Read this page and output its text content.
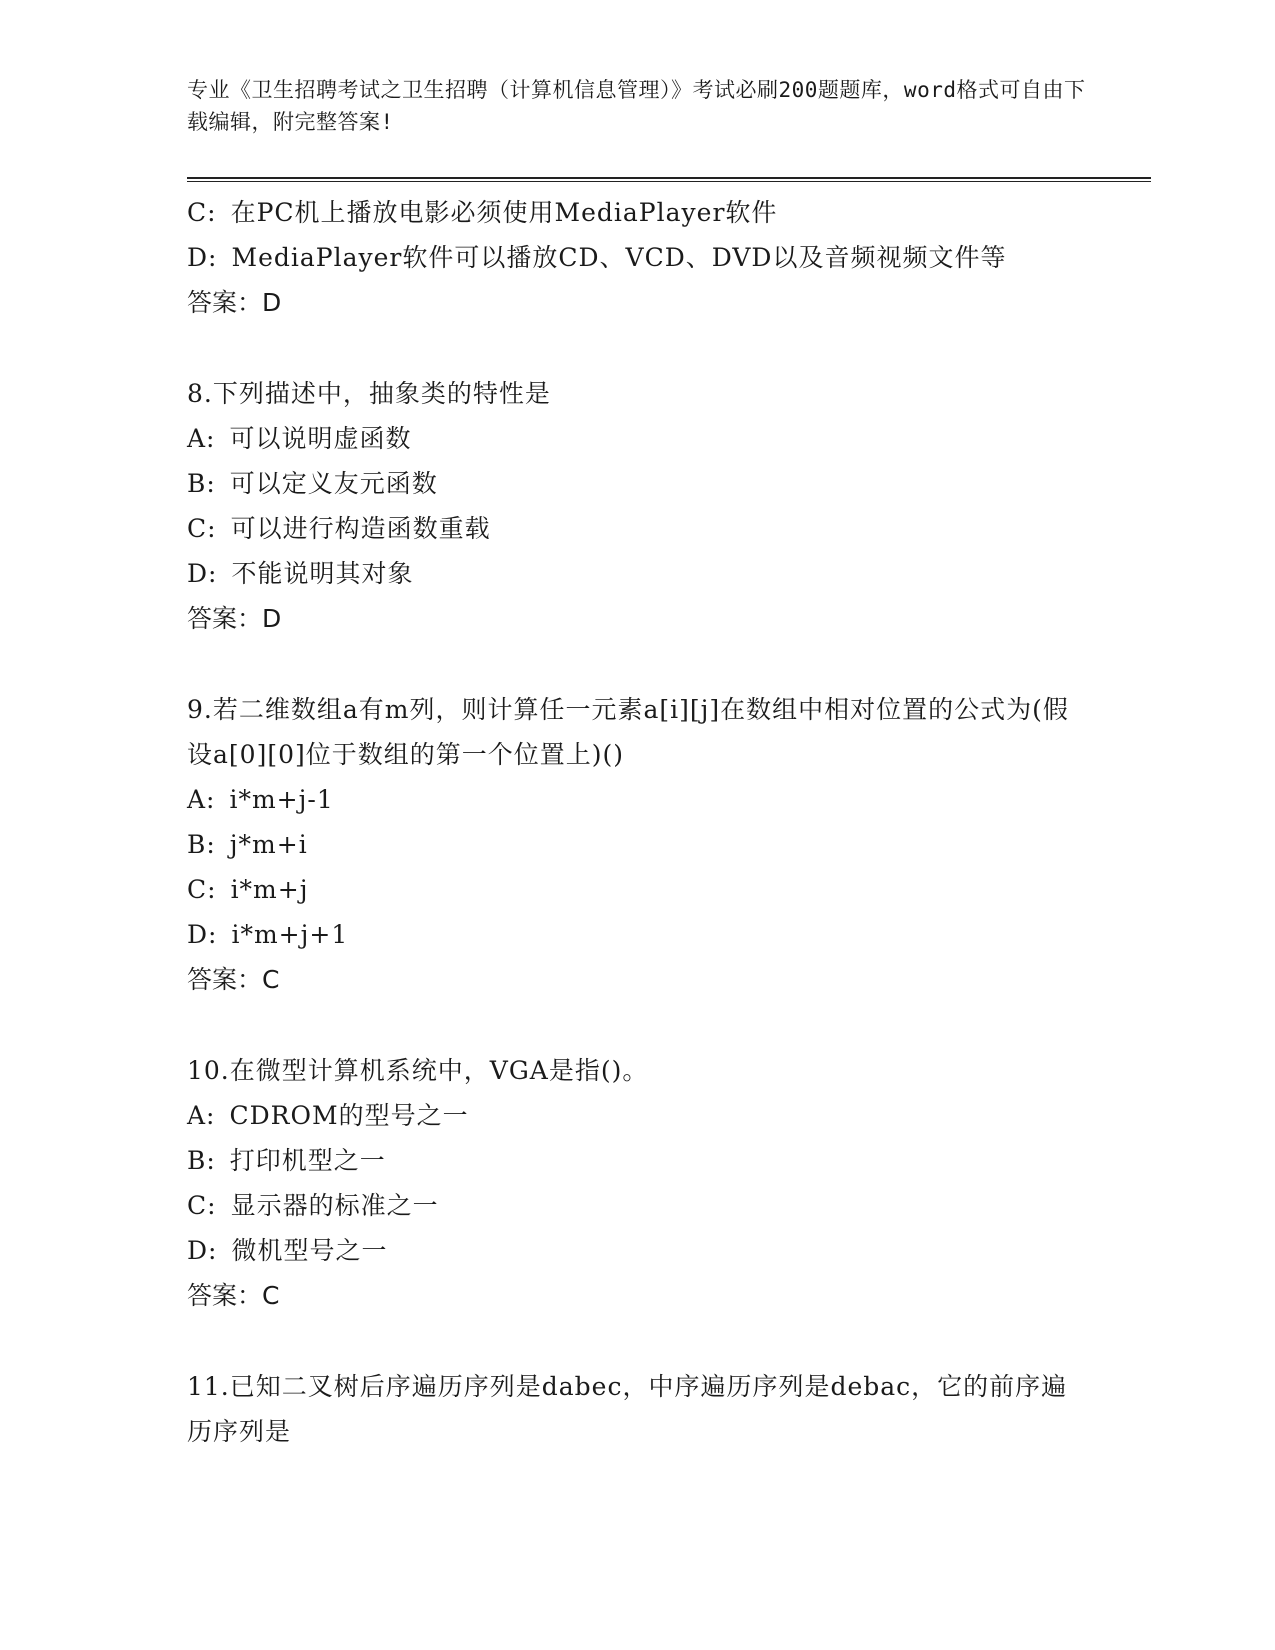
专业《卫生招聘考试之卫生招聘（计算机信息管理）》考试必刷200题题库，word格式可自由下载编辑，附完整答案!
C: 在PC机上播放电影必须使用MediaPlayer软件
D: MediaPlayer软件可以播放CD、VCD、DVD以及音频视频文件等
答案：D
8.下列描述中，抽象类的特性是
A: 可以说明虚函数
B: 可以定义友元函数
C: 可以进行构造函数重载
D: 不能说明其对象
答案：D
9.若二维数组a有m列，则计算任一元素a[i][j]在数组中相对位置的公式为(假设a[0][0]位于数组的第一个位置上)()
A: i*m+j-1
B: j*m+i
C: i*m+j
D: i*m+j+1
答案：C
10.在微型计算机系统中，VGA是指()。
A: CDROM的型号之一
B: 打印机型之一
C: 显示器的标准之一
D: 微机型号之一
答案：C
11.已知二叉树后序遍历序列是dabec，中序遍历序列是debac，它的前序遍历序列是
